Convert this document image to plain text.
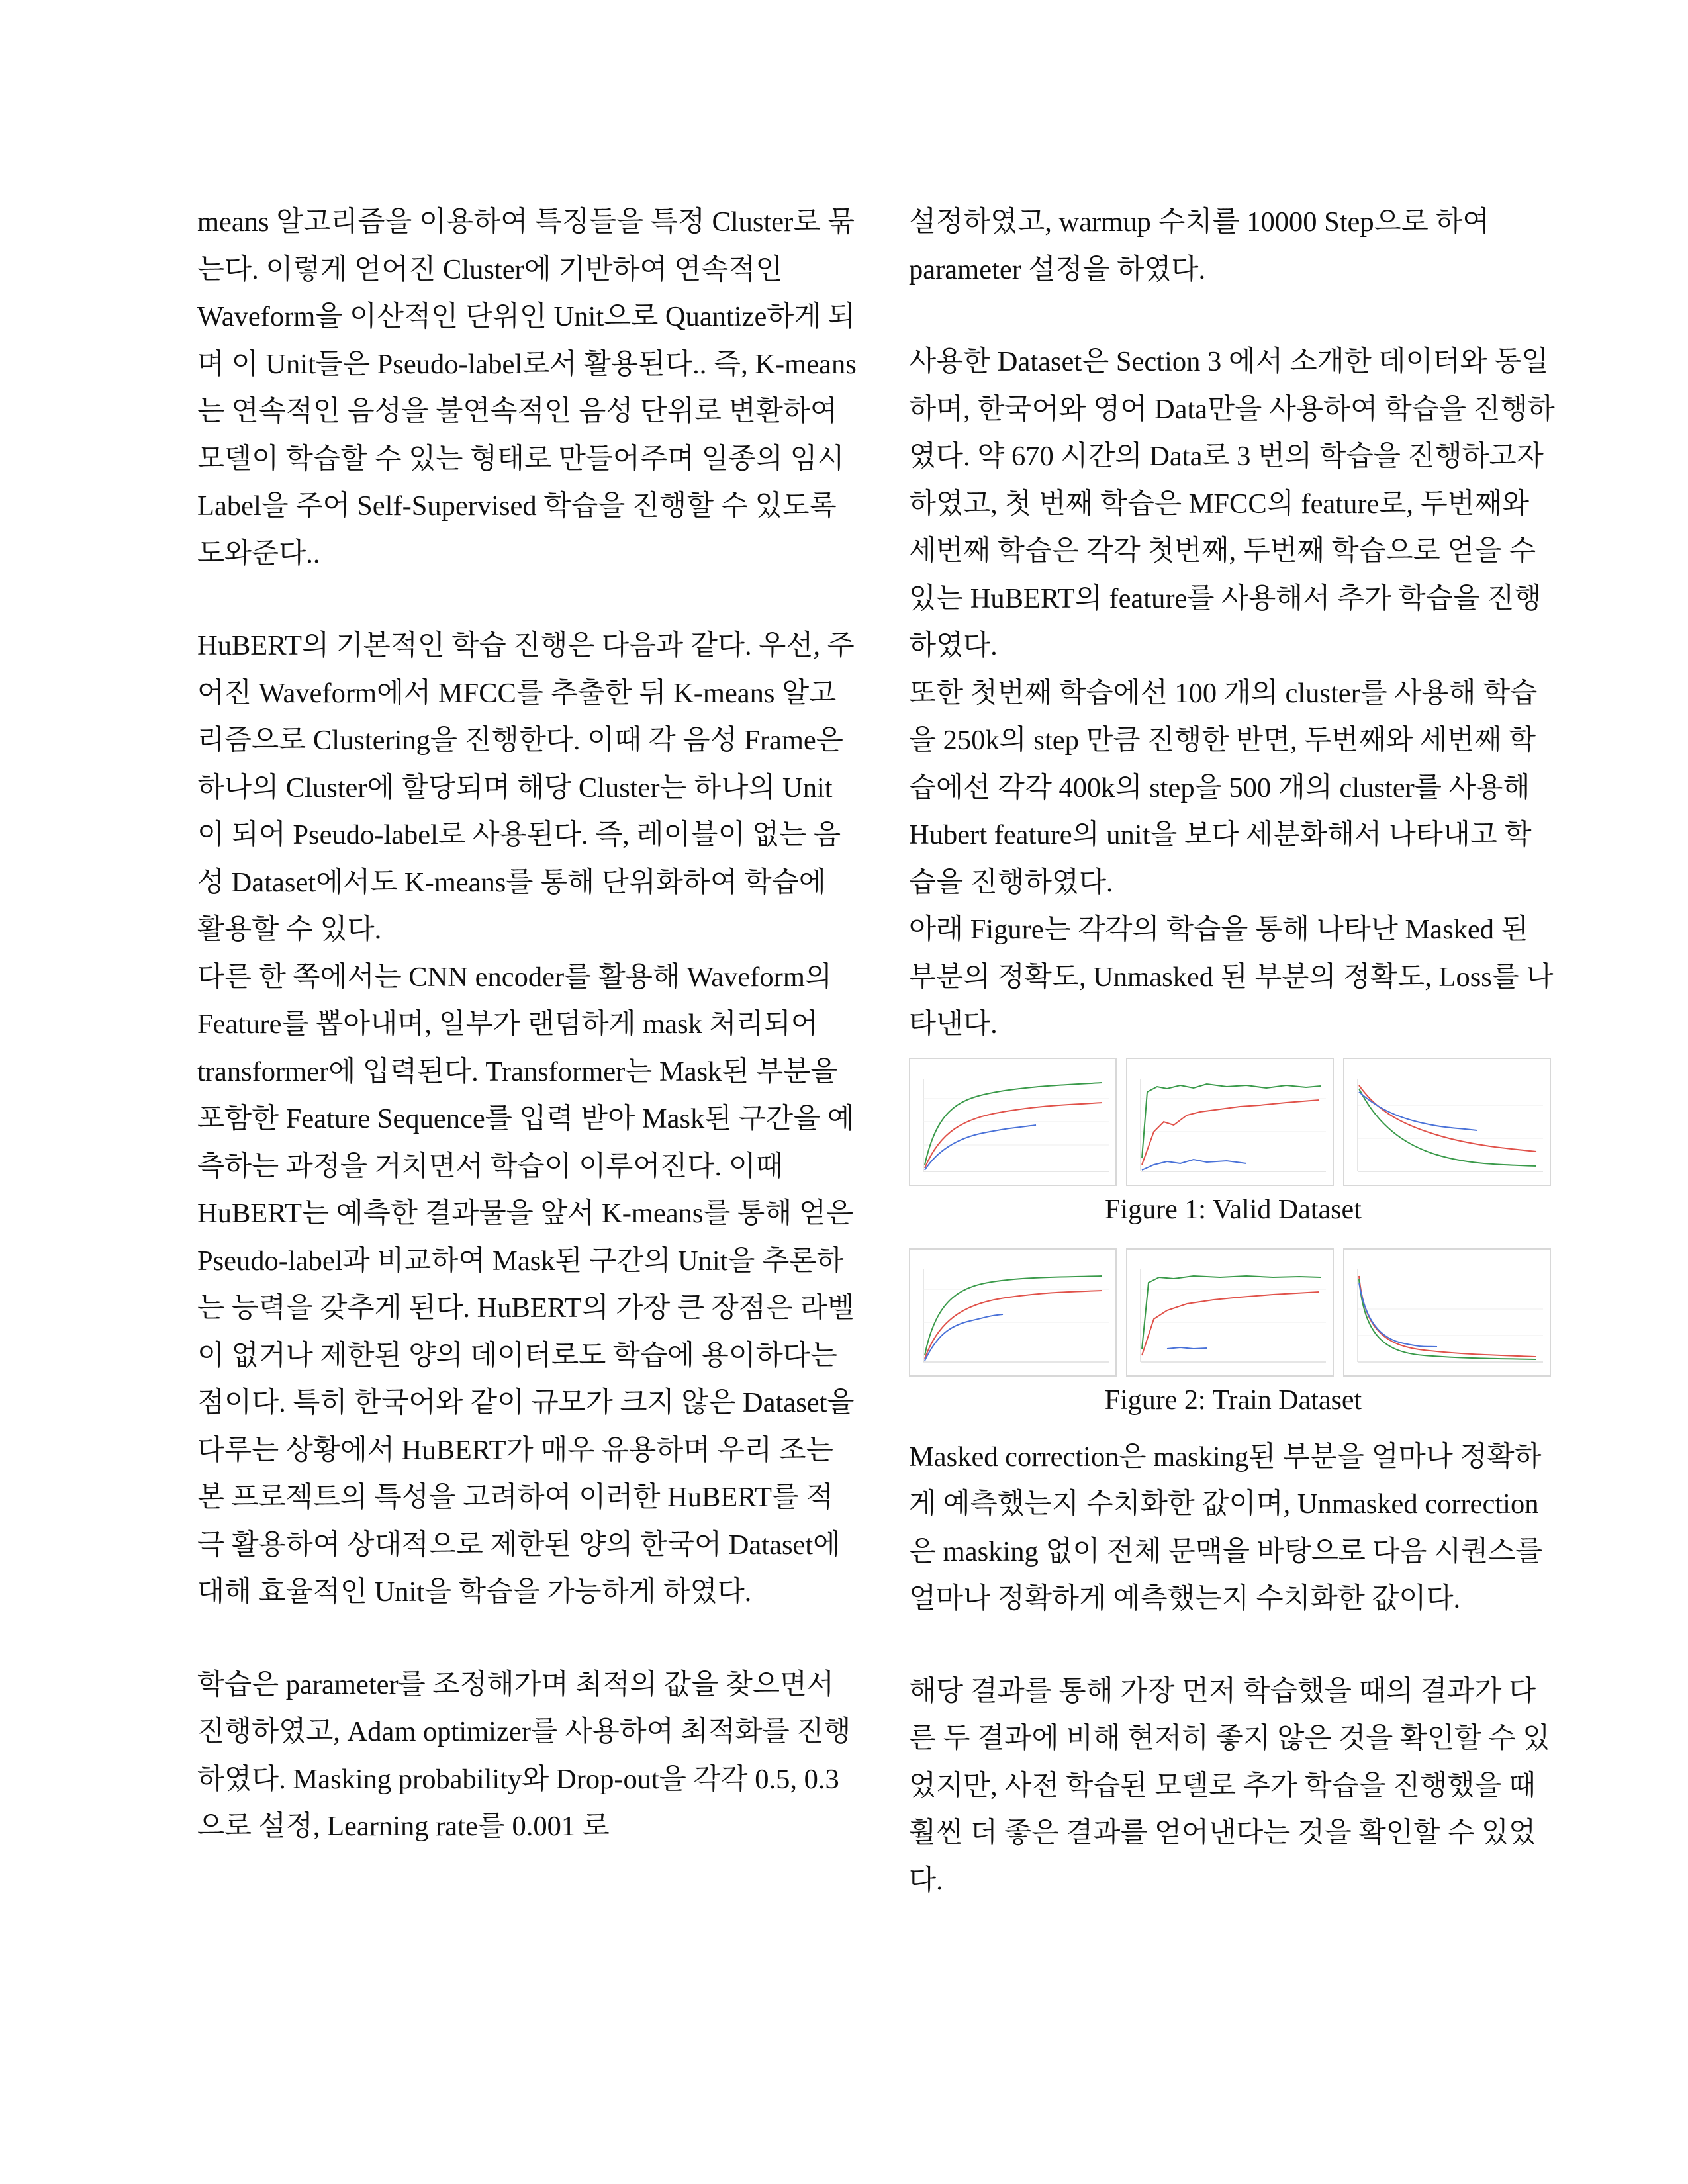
means 알고리즘을 이용하여 특징들을 특정 Cluster로 묶는다. 이렇게 얻어진 Cluster에 기반하여 연속적인 Waveform을 이산적인 단위인 Unit으로 Quantize하게 되며 이 Unit들은 Pseudo-label로서 활용된다.. 즉, K-means는 연속적인 음성을 불연속적인 음성 단위로 변환하여 모델이 학습할 수 있는 형태로 만들어주며 일종의 임시 Label을 주어 Self-Supervised 학습을 진행할 수 있도록 도와준다..

HuBERT의 기본적인 학습 진행은 다음과 같다. 우선, 주어진 Waveform에서 MFCC를 추출한 뒤 K-means 알고리즘으로 Clustering을 진행한다. 이때 각 음성 Frame은 하나의 Cluster에 할당되며 해당 Cluster는 하나의 Unit이 되어 Pseudo-label로 사용된다. 즉, 레이블이 없는 음성 Dataset에서도 K-means를 통해 단위화하여 학습에 활용할 수 있다.

다른 한 쪽에서는 CNN encoder를 활용해 Waveform의 Feature를 뽑아내며, 일부가 랜덤하게 mask 처리되어 transformer에 입력된다. Transformer는 Mask된 부분을 포함한 Feature Sequence를 입력 받아 Mask된 구간을 예측하는 과정을 거치면서 학습이 이루어진다. 이때 HuBERT는 예측한 결과물을 앞서 K-means를 통해 얻은 Pseudo-label과 비교하여 Mask된 구간의 Unit을 추론하는 능력을 갖추게 된다. HuBERT의 가장 큰 장점은 라벨이 없거나 제한된 양의 데이터로도 학습에 용이하다는 점이다. 특히 한국어와 같이 규모가 크지 않은 Dataset을 다루는 상황에서 HuBERT가 매우 유용하며 우리 조는 본 프로젝트의 특성을 고려하여 이러한 HuBERT를 적극 활용하여 상대적으로 제한된 양의 한국어 Dataset에 대해 효율적인 Unit을 학습을 가능하게 하였다.

학습은 parameter를 조정해가며 최적의 값을 찾으면서 진행하였고, Adam optimizer를 사용하여 최적화를 진행하였다. Masking probability와 Drop-out을 각각 0.5, 0.3 으로 설정, Learning rate를 0.001 로

설정하였고, warmup 수치를 10000 Step으로 하여 parameter 설정을 하였다.

사용한 Dataset은 Section 3 에서 소개한 데이터와 동일하며, 한국어와 영어 Data만을 사용하여 학습을 진행하였다. 약 670 시간의 Data로 3 번의 학습을 진행하고자 하였고, 첫 번째 학습은 MFCC의 feature로, 두번째와 세번째 학습은 각각 첫번째, 두번째 학습으로 얻을 수 있는 HuBERT의 feature를 사용해서 추가 학습을 진행하였다.

또한 첫번째 학습에선 100 개의 cluster를 사용해 학습을 250k의 step 만큼 진행한 반면, 두번째와 세번째 학습에선 각각 400k의 step을 500 개의 cluster를 사용해 Hubert feature의 unit을 보다 세분화해서 나타내고 학습을 진행하였다.

아래 Figure는 각각의 학습을 통해 나타난 Masked 된 부분의 정확도, Unmasked 된 부분의 정확도, Loss를 나타낸다.

Figure 1: Valid Dataset
Figure 2: Train Dataset

Masked correction은 masking된 부분을 얼마나 정확하게 예측했는지 수치화한 값이며, Unmasked correction은 masking 없이 전체 문맥을 바탕으로 다음 시퀀스를 얼마나 정확하게 예측했는지 수치화한 값이다.

해당 결과를 통해 가장 먼저 학습했을 때의 결과가 다른 두 결과에 비해 현저히 좋지 않은 것을 확인할 수 있었지만, 사전 학습된 모델로 추가 학습을 진행했을 때 훨씬 더 좋은 결과를 얻어낸다는 것을 확인할 수 있었다.
